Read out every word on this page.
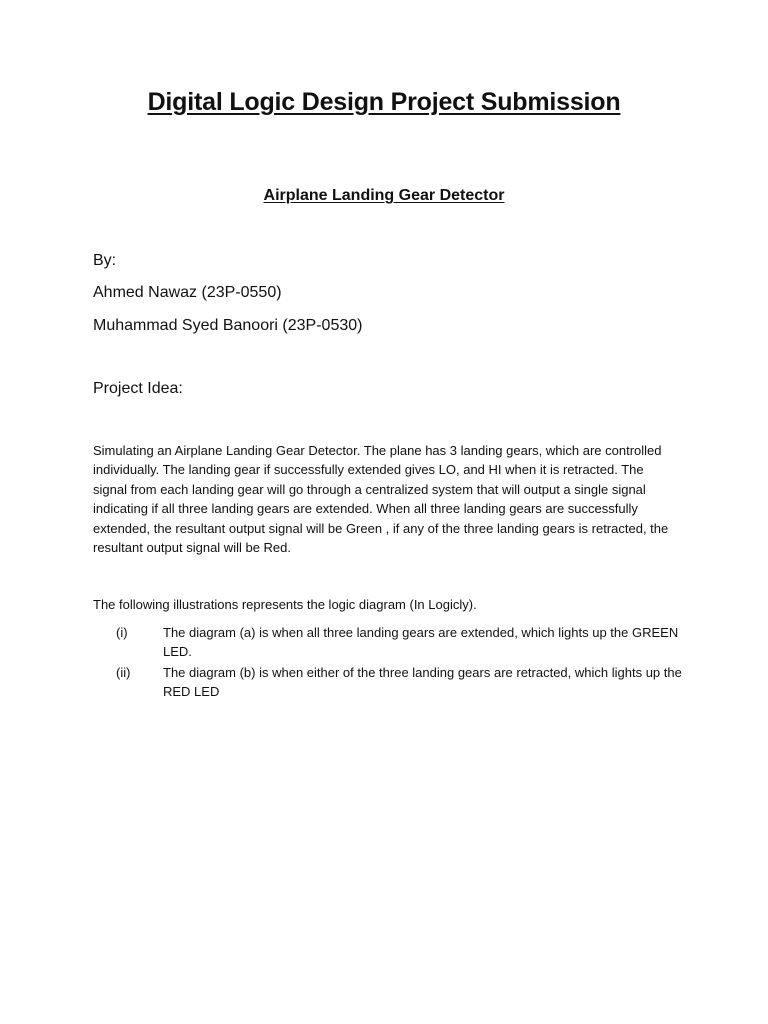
Digital Logic Design Project Submission
Airplane Landing Gear Detector

By:

Ahmed Nawaz (23P-0550)

Muhammad Syed Banoori (23P-0530)

Project Idea:

Simulating an Airplane Landing Gear Detector. The plane has 3 landing gears, which are controlled individually. The landing gear if successfully extended gives LO, and HI when it is retracted. The signal from each landing gear will go through a centralized system that will output a single signal indicating if all three landing gears are extended. When all three landing gears are successfully extended, the resultant output signal will be Green , if any of the three landing gears is retracted, the resultant output signal will be Red.

The following illustrations represents the logic diagram (In Logicly).

(i)	The diagram (a) is when all three landing gears are extended, which lights up the GREEN LED.
(ii)	The diagram (b) is when either of the three landing gears are retracted, which lights up the RED LED
